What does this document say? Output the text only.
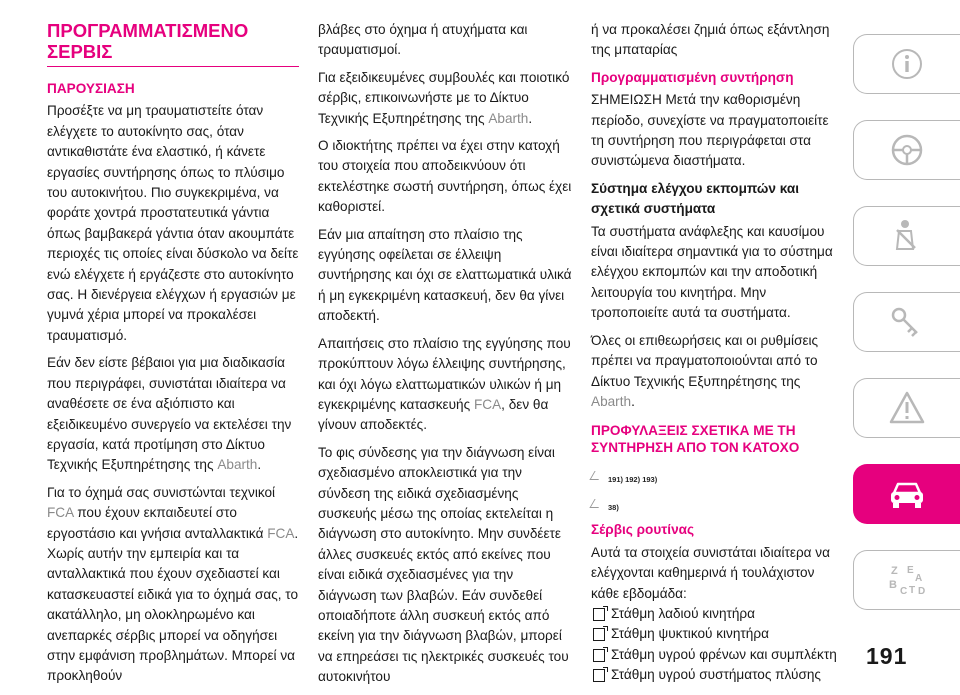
ΠΡΟΓΡΑΜΜΑΤΙΣΜΕΝΟ
ΣΕΡΒΙΣ
ΠΑΡΟΥΣΙΑΣΗ

Προσέξτε να μη τραυματιστείτε όταν ελέγχετε το αυτοκίνητο σας, όταν αντικαθιστάτε ένα ελαστικό, ή κάνετε εργασίες συντήρησης όπως το πλύσιμο του αυτοκινήτου. Πιο συγκεκριμένα, να φοράτε χοντρά προστατευτικά γάντια όπως βαμβακερά γάντια όταν ακουμπάτε περιοχές τις οποίες είναι δύσκολο να δείτε ενώ ελέγχετε ή εργάζεστε στο αυτοκίνητο σας. Η διενέργεια ελέγχων ή εργασιών με γυμνά χέρια μπορεί να προκαλέσει τραυματισμό.

Εάν δεν είστε βέβαιοι για μια διαδικασία που περιγράφει, συνιστάται ιδιαίτερα να αναθέσετε σε ένα αξιόπιστο και εξειδικευμένο συνεργείο να εκτελέσει την εργασία, κατά προτίμηση στο Δίκτυο Τεχνικής Εξυπηρέτησης της Abarth.

Για το όχημά σας συνιστώνται τεχνικοί FCA που έχουν εκπαιδευτεί στο εργοστάσιο και γνήσια ανταλλακτικά FCA. Χωρίς αυτήν την εμπειρία και τα ανταλλακτικά που έχουν σχεδιαστεί και κατασκευαστεί ειδικά για το όχημά σας, το ακατάλληλο, μη ολοκληρωμένο και ανεπαρκές σέρβις μπορεί να οδηγήσει στην εμφάνιση προβλημάτων. Μπορεί να προκληθούν

βλάβες στο όχημα ή ατυχήματα και τραυματισμοί.

Για εξειδικευμένες συμβουλές και ποιοτικό σέρβις, επικοινωνήστε με το Δίκτυο Τεχνικής Εξυπηρέτησης της Abarth.

Ο ιδιοκτήτης πρέπει να έχει στην κατοχή του στοιχεία που αποδεικνύουν ότι εκτελέστηκε σωστή συντήρηση, όπως έχει καθοριστεί.

Εάν μια απαίτηση στο πλαίσιο της εγγύησης οφείλεται σε έλλειψη συντήρησης και όχι σε ελαττωματικά υλικά ή μη εγκεκριμένη κατασκευή, δεν θα γίνει αποδεκτή.

Απαιτήσεις στο πλαίσιο της εγγύησης που προκύπτουν λόγω έλλειψης συντήρησης, και όχι λόγω ελαττωματικών υλικών ή μη εγκεκριμένης κατασκευής FCA, δεν θα γίνουν αποδεκτές.

Το φις σύνδεσης για την διάγνωση είναι σχεδιασμένο αποκλειστικά για την σύνδεση της ειδικά σχεδιασμένης συσκευής μέσω της οποίας εκτελείται η διάγνωση στο αυτοκίνητο. Μην συνδέετε άλλες συσκευές εκτός από εκείνες που είναι ειδικά σχεδιασμένες για την διάγνωση των βλαβών. Εάν συνδεθεί οποιαδήποτε άλλη συσκευή εκτός από εκείνη για την διάγνωση βλαβών, μπορεί να επηρεάσει τις ηλεκτρικές συσκευές του αυτοκινήτου

ή να προκαλέσει ζημιά όπως εξάντληση της μπαταρίας

Προγραμματισμένη συντήρηση

ΣΗΜΕΙΩΣΗ Μετά την καθορισμένη περίοδο, συνεχίστε να πραγματοποιείτε τη συντήρηση που περιγράφεται στα συνιστώμενα διαστήματα.

Σύστημα ελέγχου εκπομπών και σχετικά συστήματα

Τα συστήματα ανάφλεξης και καυσίμου είναι ιδιαίτερα σημαντικά για το σύστημα ελέγχου εκπομπών και την αποδοτική λειτουργία του κινητήρα. Μην τροποποιείτε αυτά τα συστήματα.

Όλες οι επιθεωρήσεις και οι ρυθμίσεις πρέπει να πραγματοποιούνται από το Δίκτυο Τεχνικής Εξυπηρέτησης της Abarth.

ΠΡΟΦΥΛΑΞΕΙΣ ΣΧΕΤΙΚΑ ΜΕ ΤΗ ΣΥΝΤΗΡΗΣΗ ΑΠΟ ΤΟΝ ΚΑΤΟΧΟ
191) 192) 193)
38)
Σέρβις ρουτίνας

Αυτά τα στοιχεία συνιστάται ιδιαίτερα να ελέγχονται καθημερινά ή τουλάχιστον κάθε εβδομάδα:

Στάθμη λαδιού κινητήρα
Στάθμη ψυκτικού κινητήρα
Στάθμη υγρού φρένων και συμπλέκτη
Στάθμη υγρού συστήματος πλύσης
Z E
A
B
C T D
191
